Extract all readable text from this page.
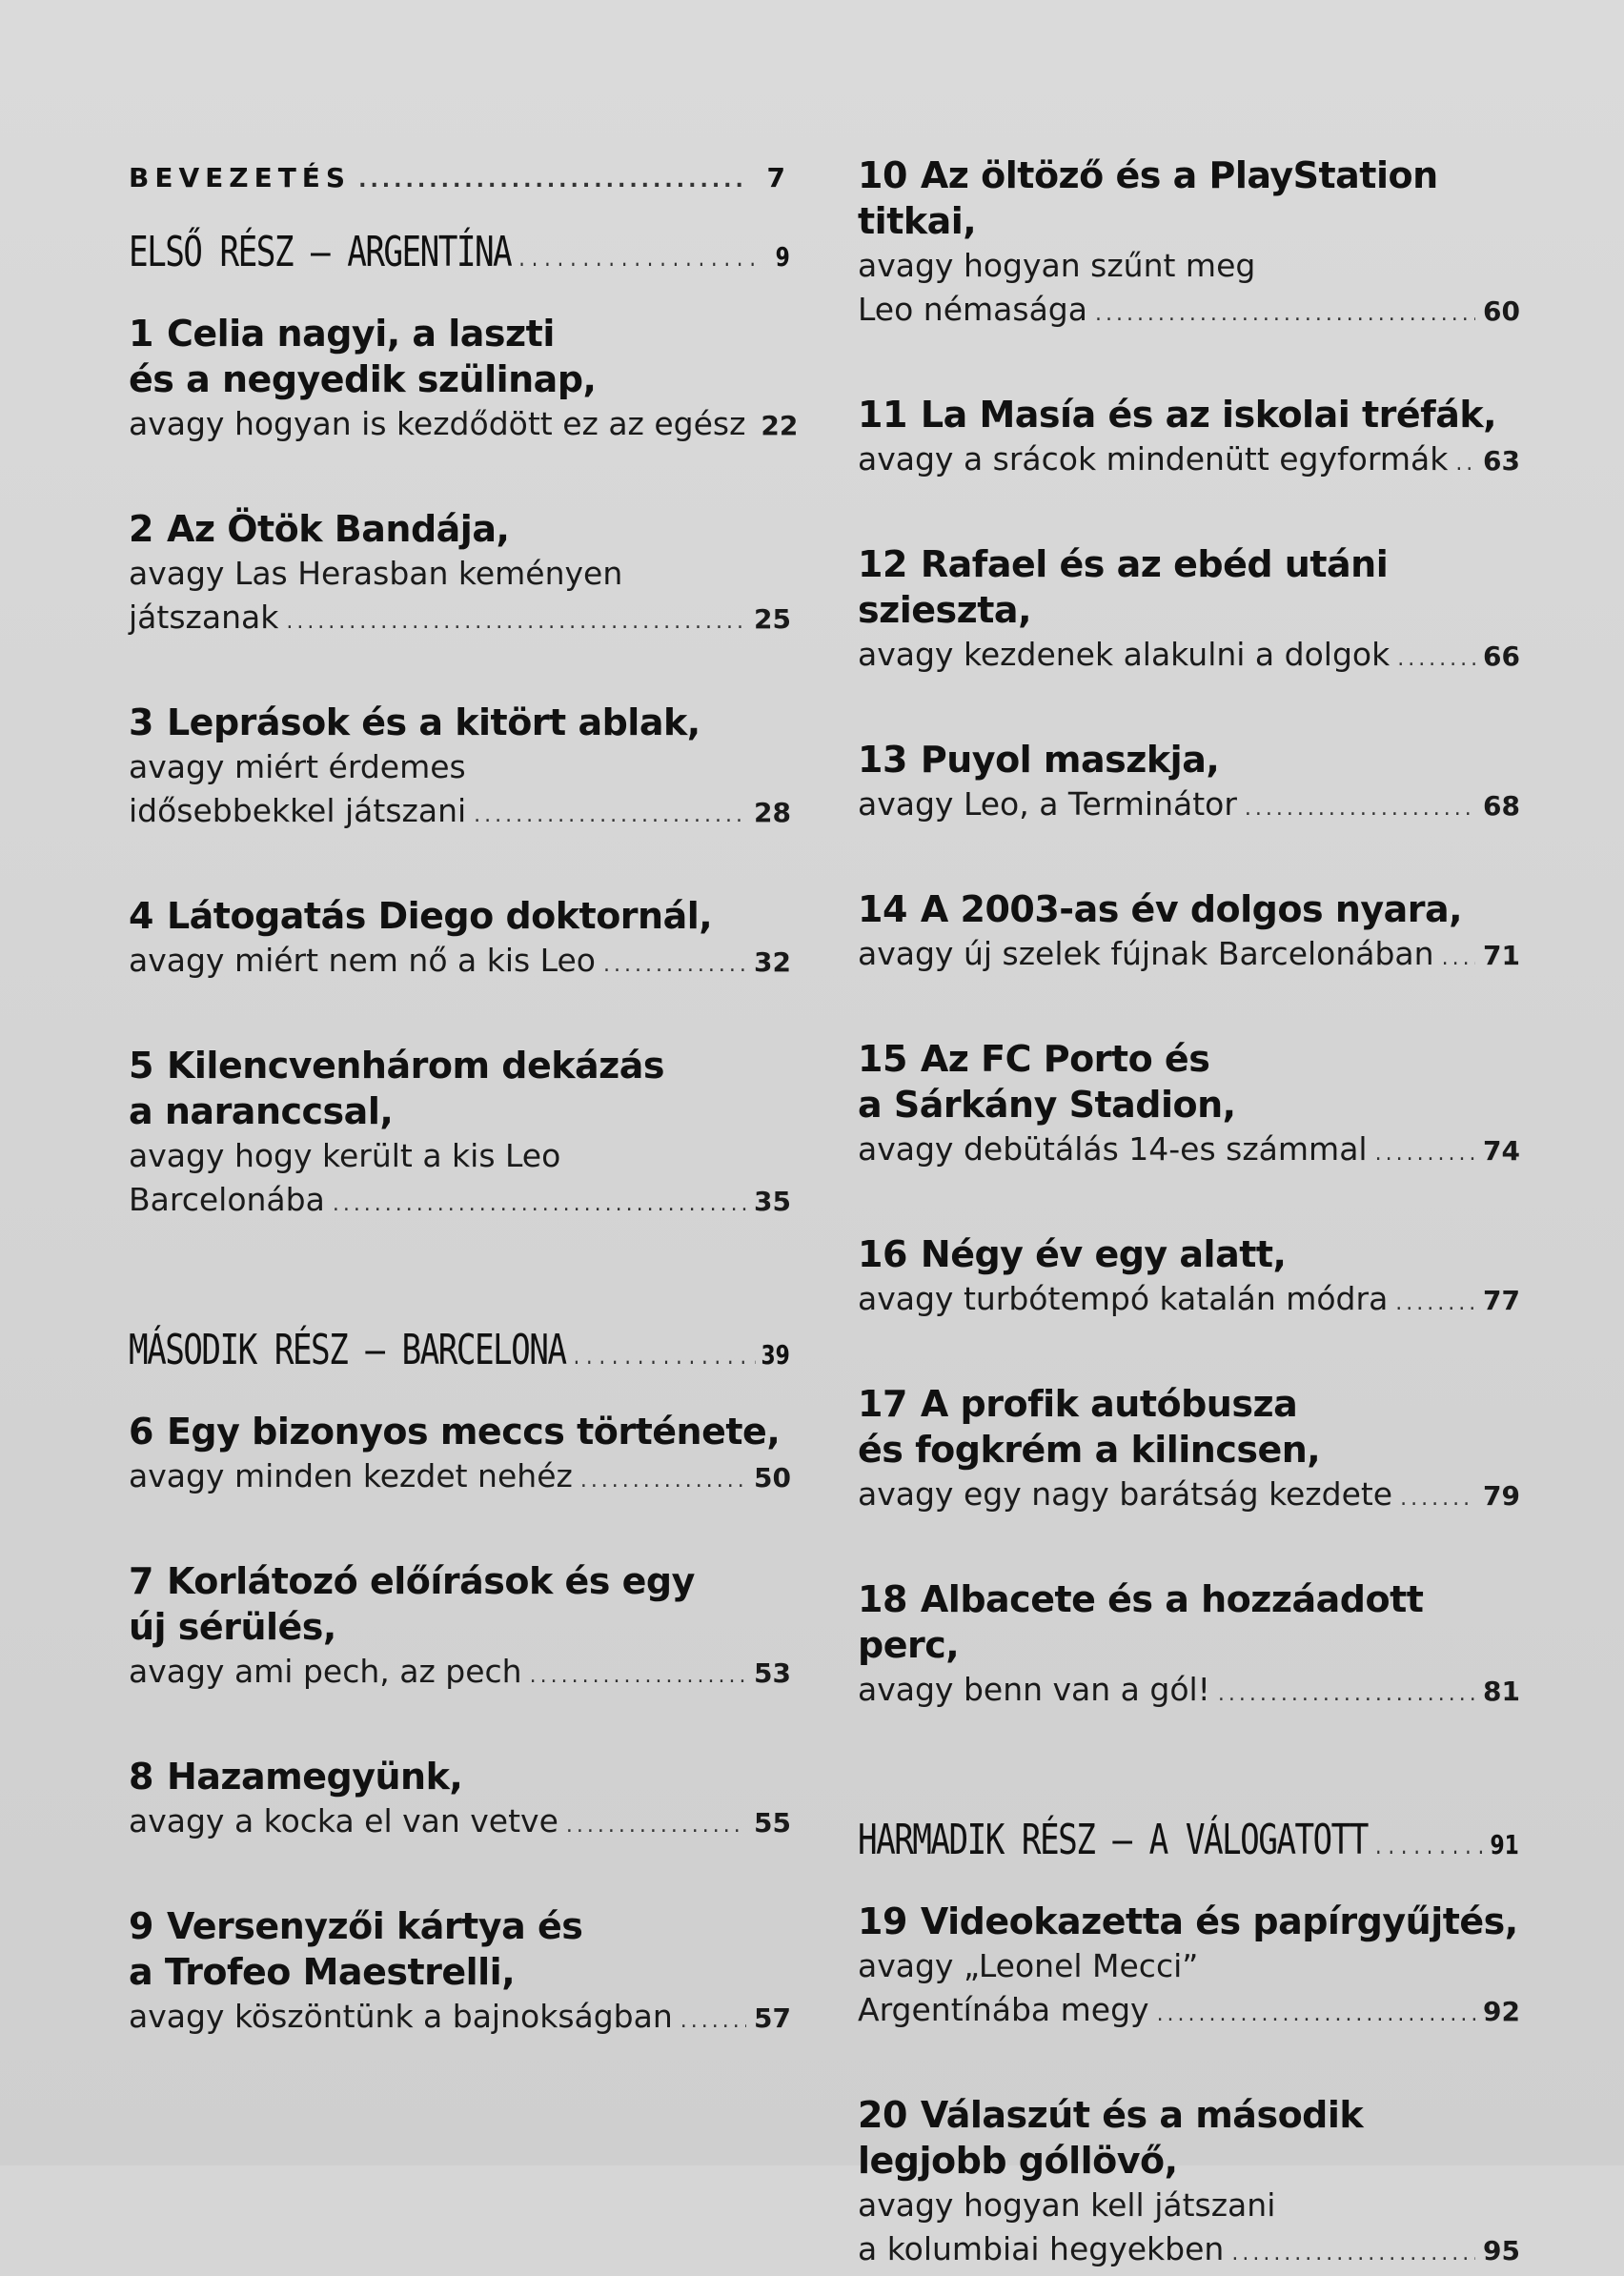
BEVEZETÉS .....	7
ELSŐ RÉSZ – ARGENTÍNA .....	9
1 Celia nagyi, a laszti
és a negyedik szülinap,
avagy hogyan is kezdődött ez az egész 22
2 Az Ötök Bandája,
avagy Las Herasban keményen
játszanak .....	25
3 Leprások és a kitört ablak,
avagy miért érdemes
idősebbekkel játszani .....	28
4 Látogatás Diego doktornál,
avagy miért nem nő a kis Leo .....	32
5 Kilencvenhárom dekázás
a naranccsal,
avagy hogy került a kis Leo
Barcelonába .....	35
MÁSODIK RÉSZ – BARCELONA .....	39
6 Egy bizonyos meccs története,
avagy minden kezdet nehéz .....	50
7 Korlátozó előírások és egy
új sérülés,
avagy ami pech, az pech .....	53
8 Hazamegyünk,
avagy a kocka el van vetve .....	55
9 Versenyzői kártya és
a Trofeo Maestrelli,
avagy köszöntünk a bajnokságban .....	57
10 Az öltöző és a PlayStation titkai,
avagy hogyan szűnt meg
Leo némasága .....	60
11 La Masía és az iskolai tréfák,
avagy a srácok mindenütt egyformák ..... 63
12 Rafael és az ebéd utáni sziesztа,
avagy kezdenek alakulni a dolgok .....	66
13 Puyol maszkja,
avagy Leo, a Terminátor .....	68
14 A 2003-as év dolgos nyara,
avagy új szelek fújnak Barcelonában ..... 71
15 Az FC Porto és
a Sárkány Stadion,
avagy debütálás 14-es számmal .....	74
16 Négy év egy alatt,
avagy turbótempó katalán módra .....	77
17 A profik autóbusza
és fogkrém a kilincsen,
avagy egy nagy barátság kezdete .....	79
18 Albacete és a hozzáadott perc,
avagy benn van a gól! .....	81
HARMADIK RÉSZ – A VÁLOGATOTT .....	91
19 Videokazetta és papírgyűjtés,
avagy „Leonel Mecci”
Argentínába megy .....	92
20 Válaszút és a második
legjobb góllövő,
avagy hogyan kell játszani
a kolumbiai hegyekben .....	95
